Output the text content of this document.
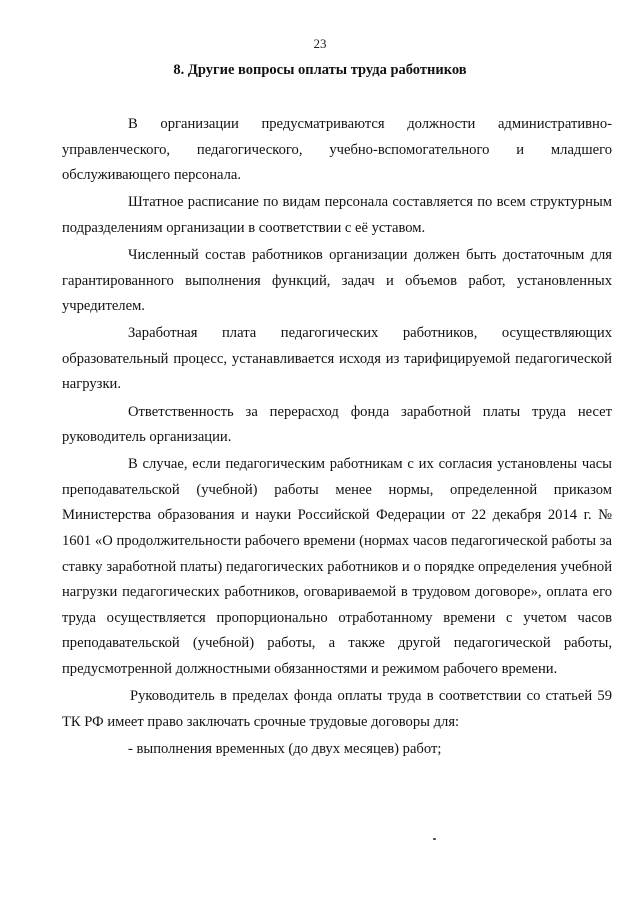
23
8. Другие вопросы оплаты труда работников

В организации предусматриваются должности административно-управленческого, педагогического, учебно-вспомогательного и младшего обслуживающего персонала.

Штатное расписание по видам персонала составляется по всем структурным подразделениям организации в соответствии с её уставом.

Численный состав работников организации должен быть достаточным для гарантированного выполнения функций, задач и объемов работ, установленных учредителем.

Заработная плата педагогических работников, осуществляющих образовательный процесс, устанавливается исходя из тарифицируемой педагогической нагрузки.

Ответственность за перерасход фонда заработной платы труда несет руководитель организации.

В случае, если педагогическим работникам с их согласия установлены часы преподавательской (учебной) работы менее нормы, определенной приказом Министерства образования и науки Российской Федерации от 22 декабря 2014 г. № 1601 «О продолжительности рабочего времени (нормах часов педагогической работы за ставку заработной платы) педагогических работников и о порядке определения учебной нагрузки педагогических работников, оговариваемой в трудовом договоре», оплата его труда осуществляется пропорционально отработанному времени с учетом часов преподавательской (учебной) работы, а также другой педагогической работы, предусмотренной должностными обязанностями и режимом рабочего времени.

Руководитель в пределах фонда оплаты труда в соответствии со статьей 59 ТК РФ имеет право заключать срочные трудовые договоры для:

- выполнения временных (до двух месяцев) работ;
